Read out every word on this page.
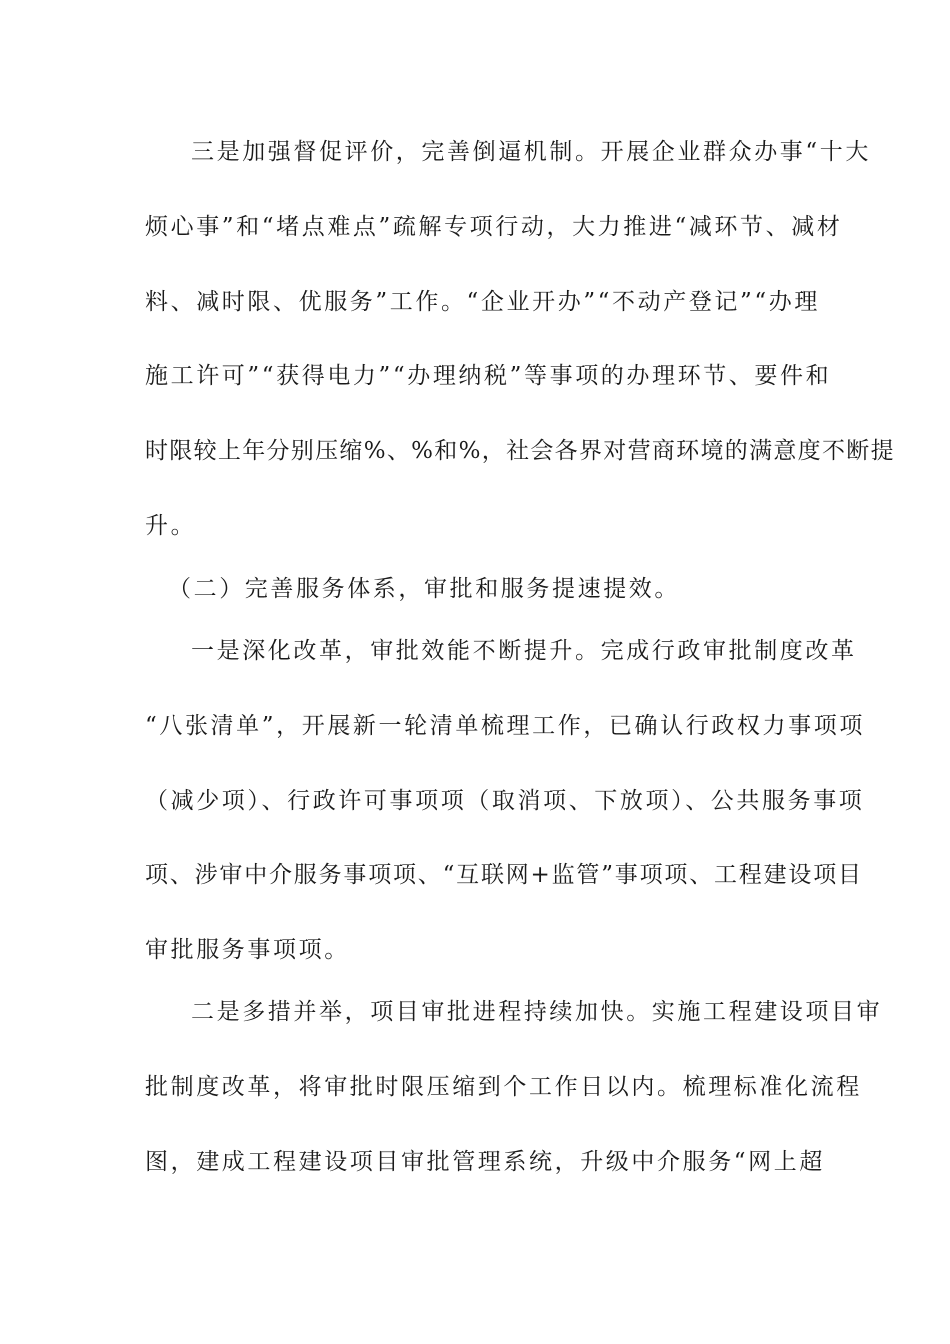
三是加强督促评价，完善倒逼机制。开展企业群众办事“十大
烦心事”和“堵点难点”疏解专项行动，大力推进“减环节、减材
料、减时限、优服务”工作。“企业开办”“不动产登记”“办理
施工许可”“获得电力”“办理纳税”等事项的办理环节、要件和
时限较上年分别压缩%、%和%，社会各界对营商环境的满意度不断提
升。
（二）完善服务体系，审批和服务提速提效。
一是深化改革，审批效能不断提升。完成行政审批制度改革
“八张清单”，开展新一轮清单梳理工作，已确认行政权力事项项
（减少项）、行政许可事项项（取消项、下放项）、公共服务事项
项、涉审中介服务事项项、“互联网+监管”事项项、工程建设项目
审批服务事项项。
二是多措并举，项目审批进程持续加快。实施工程建设项目审
批制度改革，将审批时限压缩到个工作日以内。梳理标准化流程
图，建成工程建设项目审批管理系统，升级中介服务“网上超
